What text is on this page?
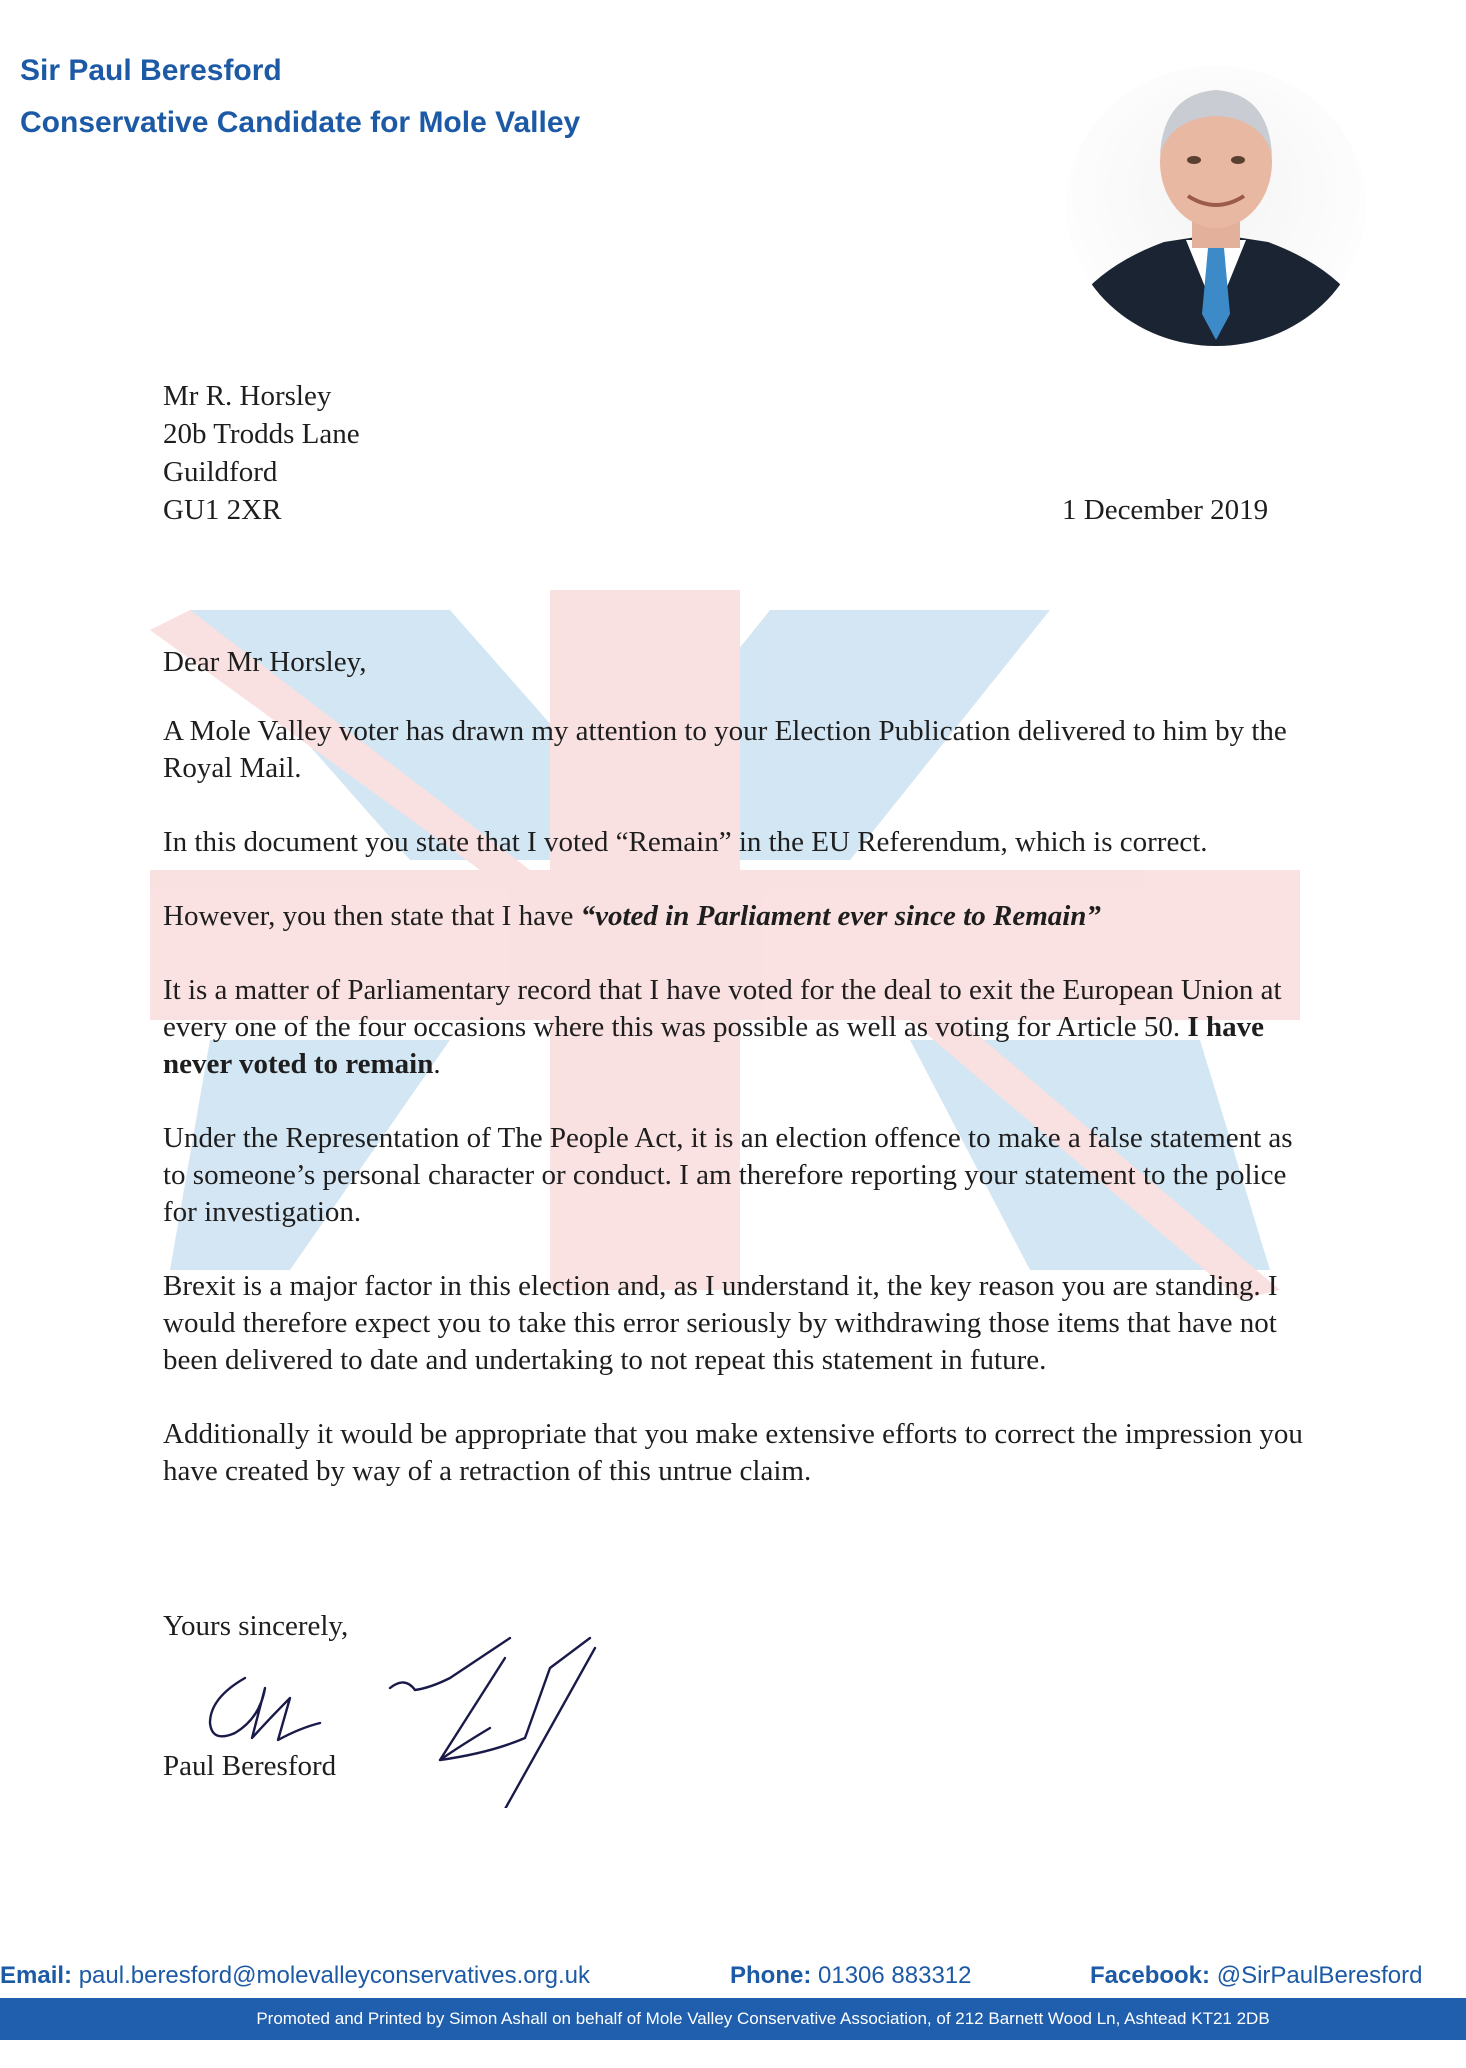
Sir Paul Beresford
Conservative Candidate for Mole Valley
Mr R. Horsley
20b Trodds Lane
Guildford
GU1 2XR	1 December 2019

Dear Mr Horsley,

A Mole Valley voter has drawn my attention to your Election Publication delivered to him by the Royal Mail.

In this document you state that I voted “Remain” in the EU Referendum, which is correct.

However, you then state that I have “voted in Parliament ever since to Remain”

It is a matter of Parliamentary record that I have voted for the deal to exit the European Union at every one of the four occasions where this was possible as well as voting for Article 50. I have never voted to remain.

Under the Representation of The People Act, it is an election offence to make a false statement as to someone’s personal character or conduct. I am therefore reporting your statement to the police for investigation.

Brexit is a major factor in this election and, as I understand it, the key reason you are standing. I would therefore expect you to take this error seriously by withdrawing those items that have not been delivered to date and undertaking to not repeat this statement in future.

Additionally it would be appropriate that you make extensive efforts to correct the impression you have created by way of a retraction of this untrue claim.

Yours sincerely,
Paul Beresford
Email: paul.beresford@molevalleyconservatives.org.uk	Phone: 01306 883312	Facebook: @SirPaulBeresford
Promoted and Printed by Simon Ashall on behalf of Mole Valley Conservative Association, of 212 Barnett Wood Ln, Ashtead KT21 2DB
